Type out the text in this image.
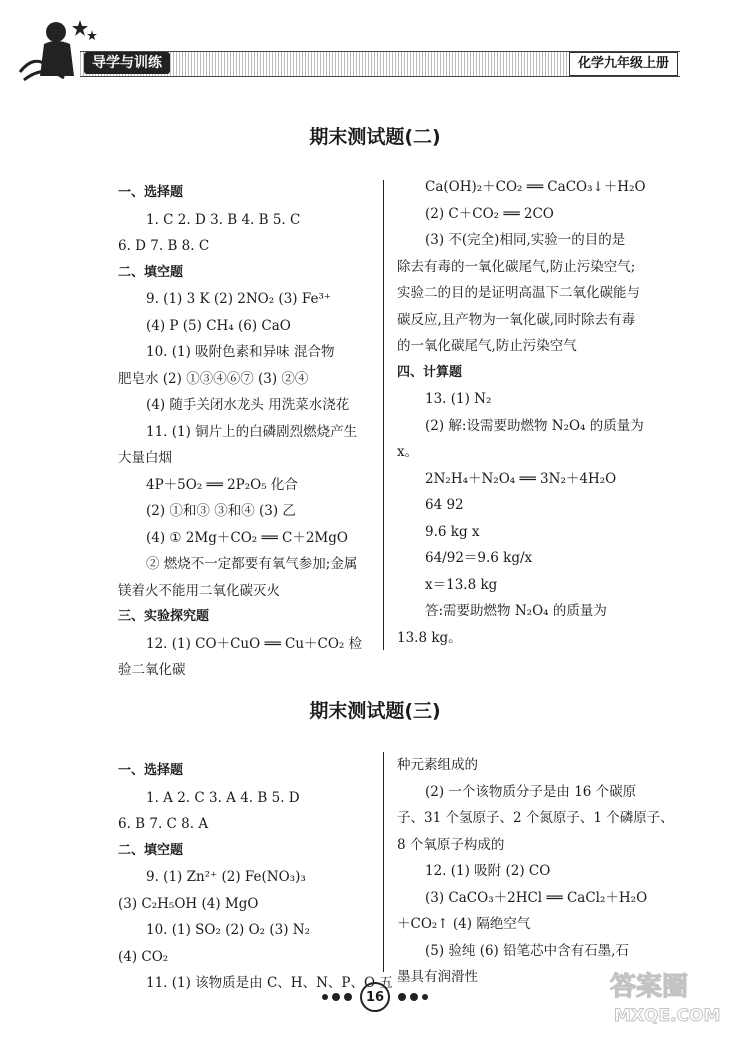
导学与训练	化学九年级上册
期末测试题(二)
一、选择题
1. C 2. D 3. B 4. B 5. C
6. D 7. B 8. C
二、填空题
9. (1) 3 K (2) 2NO₂ (3) Fe³⁺
(4) P (5) CH₄ (6) CaO
10. (1) 吸附色素和异味 混合物
肥皂水 (2) ①③④⑥⑦ (3) ②④
(4) 随手关闭水龙头 用洗菜水浇花
11. (1) 铜片上的白磷剧烈燃烧产生
大量白烟
4P＋5O₂ ══ 2P₂O₅ 化合
(2) ①和③ ③和④ (3) 乙
(4) ① 2Mg＋CO₂ ══ C＋2MgO
② 燃烧不一定都要有氧气参加;金属
镁着火不能用二氧化碳灭火
三、实验探究题
12. (1) CO＋CuO ══ Cu＋CO₂ 检
验二氧化碳
Ca(OH)₂＋CO₂ ══ CaCO₃↓＋H₂O
(2) C＋CO₂ ══ 2CO
(3) 不(完全)相同,实验一的目的是
除去有毒的一氧化碳尾气,防止污染空气;
实验二的目的是证明高温下二氧化碳能与
碳反应,且产物为一氧化碳,同时除去有毒
的一氧化碳尾气,防止污染空气
四、计算题
13. (1) N₂
(2) 解:设需要助燃物 N₂O₄ 的质量为
x。
2N₂H₄＋N₂O₄ ══ 3N₂＋4H₂O
64 92
9.6 kg x
64/92＝9.6 kg/x
x＝13.8 kg
答:需要助燃物 N₂O₄ 的质量为
13.8 kg。
期末测试题(三)
一、选择题
1. A 2. C 3. A 4. B 5. D
6. B 7. C 8. A
二、填空题
9. (1) Zn²⁺ (2) Fe(NO₃)₃
(3) C₂H₅OH (4) MgO
10. (1) SO₂ (2) O₂ (3) N₂
(4) CO₂
11. (1) 该物质是由 C、H、N、P、O 五
种元素组成的
(2) 一个该物质分子是由 16 个碳原
子、31 个氢原子、2 个氮原子、1 个磷原子、
8 个氧原子构成的
12. (1) 吸附 (2) CO
(3) CaCO₃＋2HCl ══ CaCl₂＋H₂O
＋CO₂↑ (4) 隔绝空气
(5) 验纯 (6) 铅笔芯中含有石墨,石
墨具有润滑性
16	答案圈
MXQE.COM
